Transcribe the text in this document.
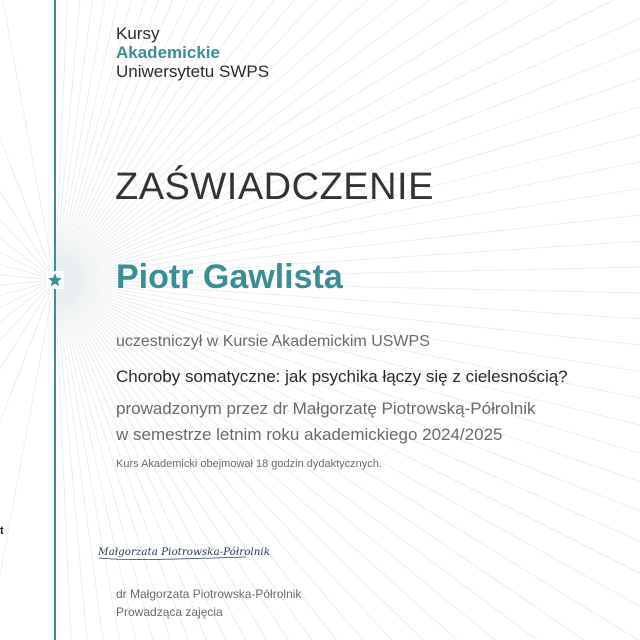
t
Kursy
Akademickie
Uniwersytetu SWPS
ZAŚWIADCZENIE
Piotr Gawlista
uczestniczył w Kursie Akademickim USWPS
Choroby somatyczne: jak psychika łączy się z cielesnością?
prowadzonym przez dr Małgorzatę Piotrowską-Półrolnik
w semestrze letnim roku akademickiego 2024/2025
Kurs Akademicki obejmował 18 godzin dydaktycznych.
Małgorzata Piotrowska-Półrolnik
dr Małgorzata Piotrowska-Półrolnik
Prowadząca zajęcia
